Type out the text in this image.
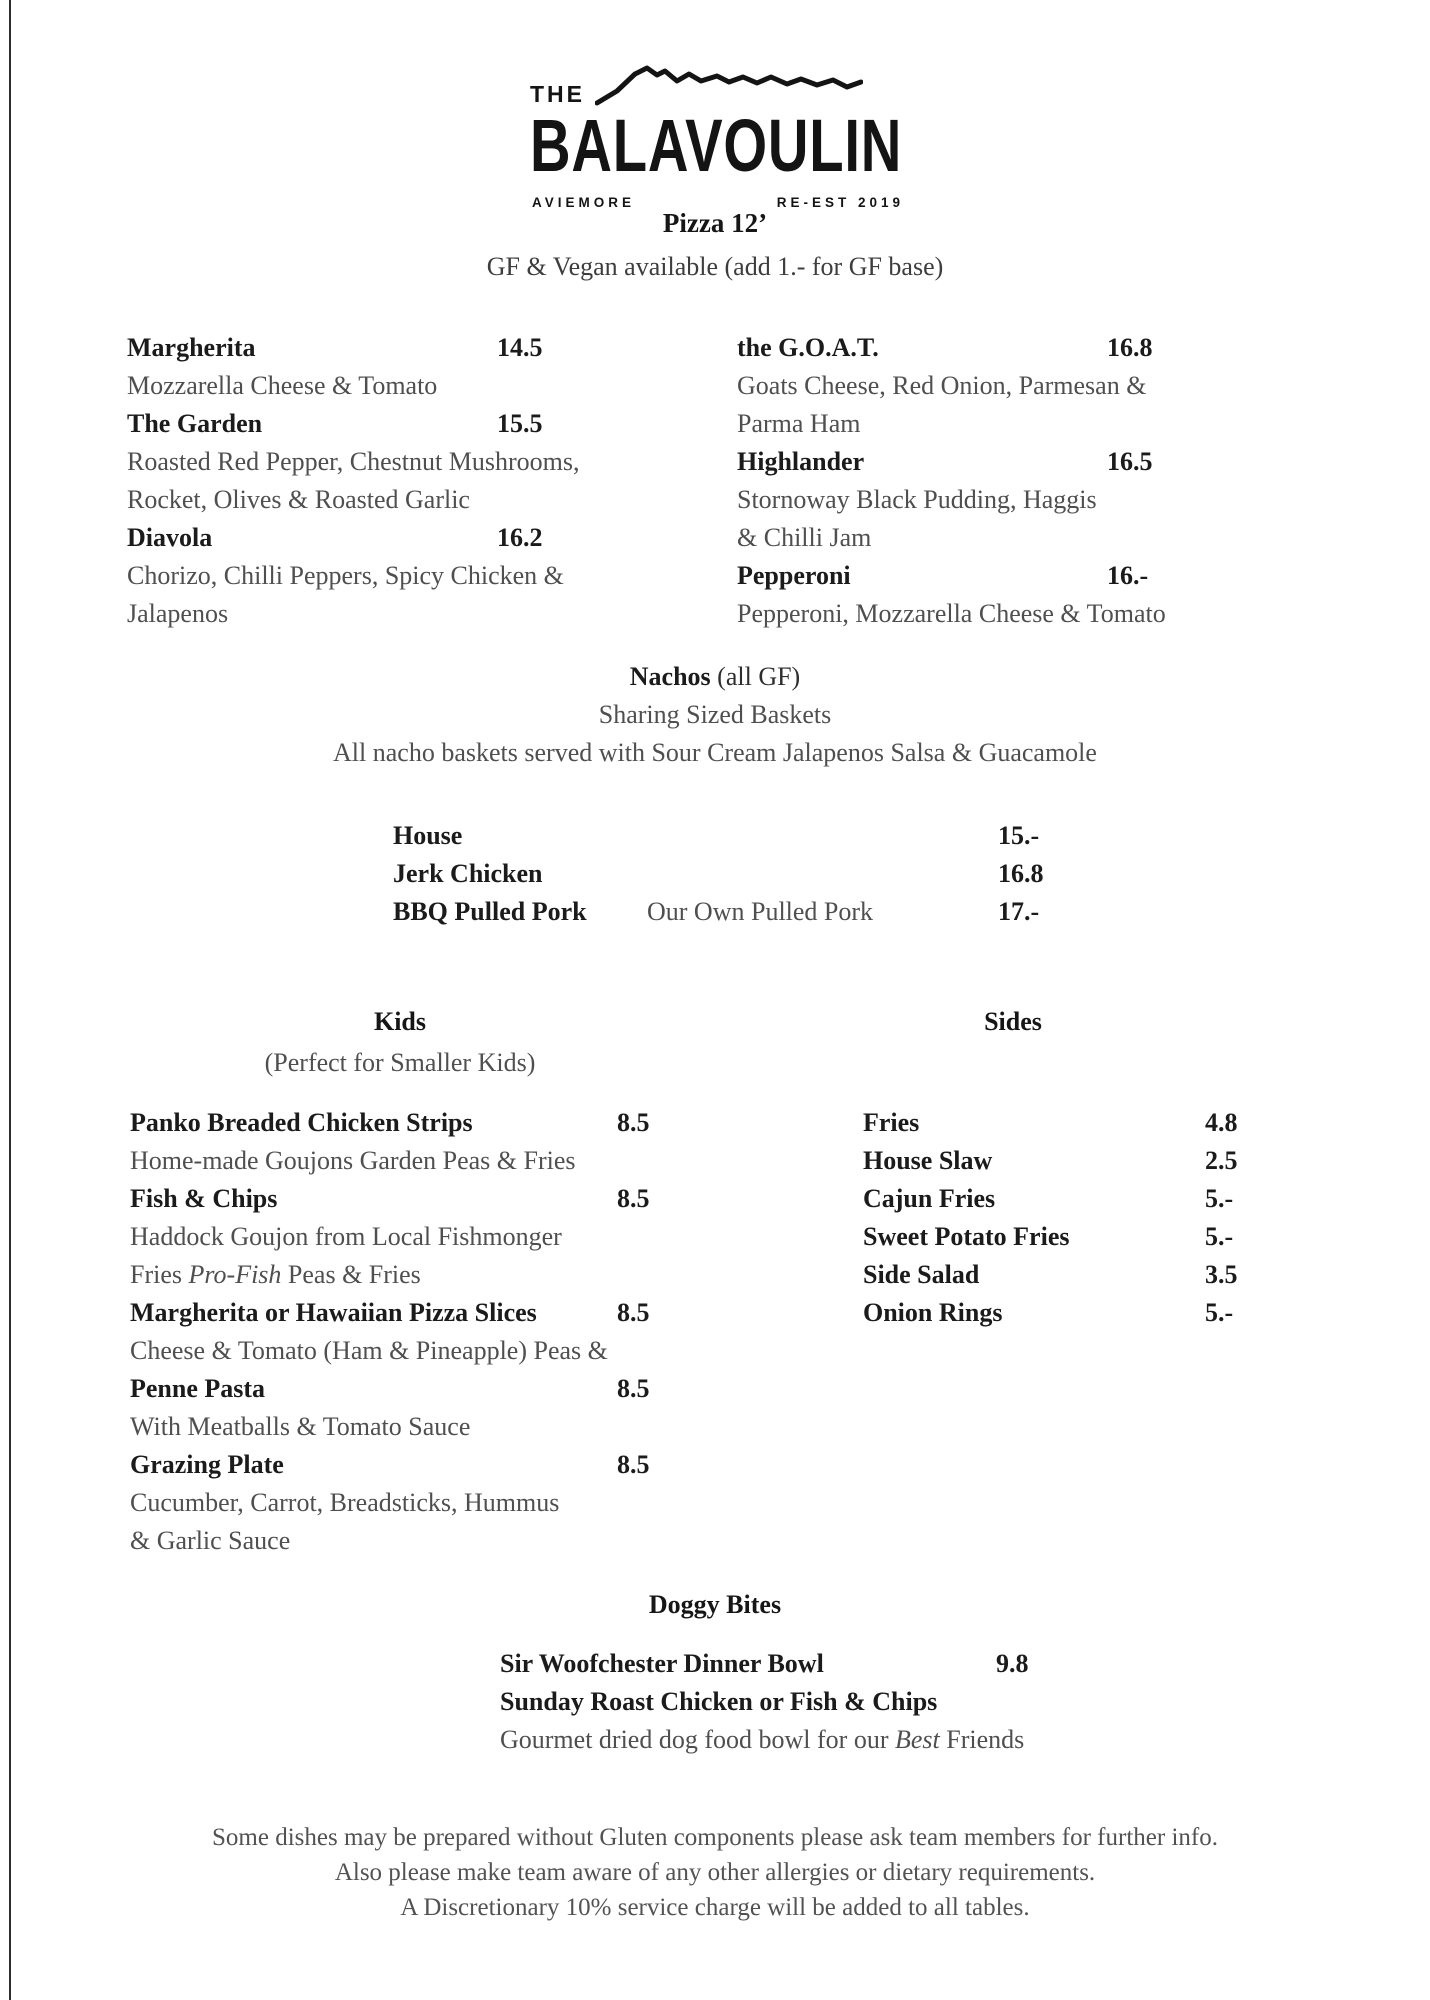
THE
BALAVOULIN
AVIEMORE	RE-EST 2019
Pizza 12’
GF & Vegan available (add 1.- for GF base)
Margherita	14.5
Mozzarella Cheese & Tomato
The Garden	15.5
Roasted Red Pepper, Chestnut Mushrooms,
Rocket, Olives & Roasted Garlic
Diavola	16.2
Chorizo, Chilli Peppers, Spicy Chicken &
Jalapenos
the G.O.A.T.	16.8
Goats Cheese, Red Onion, Parmesan &
Parma Ham
Highlander	16.5
Stornoway Black Pudding, Haggis
& Chilli Jam
Pepperoni	16.-
Pepperoni, Mozzarella Cheese & Tomato
Nachos (all GF)
Sharing Sized Baskets
All nacho baskets served with Sour Cream Jalapenos Salsa & Guacamole
House	15.-
Jerk Chicken	16.8
BBQ Pulled Pork Our Own Pulled Pork	17.-
Kids
(Perfect for Smaller Kids)
Sides
Panko Breaded Chicken Strips	8.5
Home-made Goujons Garden Peas & Fries
Fish & Chips	8.5
Haddock Goujon from Local Fishmonger
Fries Pro-Fish Peas & Fries
Margherita or Hawaiian Pizza Slices	8.5
Cheese & Tomato (Ham & Pineapple) Peas &
Penne Pasta	8.5
With Meatballs & Tomato Sauce
Grazing Plate	8.5
Cucumber, Carrot, Breadsticks, Hummus
& Garlic Sauce
Fries	4.8
House Slaw	2.5
Cajun Fries	5.-
Sweet Potato Fries	5.-
Side Salad	3.5
Onion Rings	5.-
Doggy Bites
Sir Woofchester Dinner Bowl	9.8
Sunday Roast Chicken or Fish & Chips
Gourmet dried dog food bowl for our Best Friends
Some dishes may be prepared without Gluten components please ask team members for further info.
Also please make team aware of any other allergies or dietary requirements.
A Discretionary 10% service charge will be added to all tables.
